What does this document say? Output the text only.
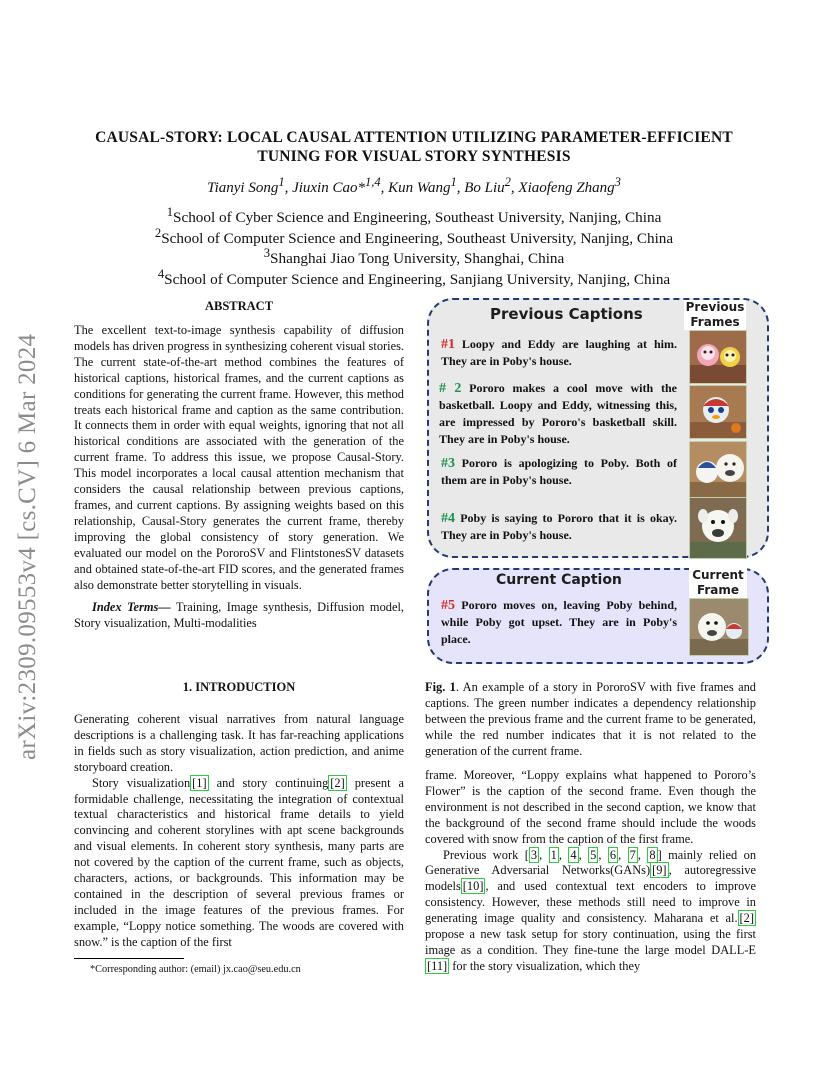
arXiv:2309.09553v4 [cs.CV] 6 Mar 2024
CAUSAL-STORY: LOCAL CAUSAL ATTENTION UTILIZING PARAMETER-EFFICIENT
TUNING FOR VISUAL STORY SYNTHESIS
Tianyi Song$^1$, Jiuxin Cao*$^{1,4}$, Kun Wang$^1$, Bo Liu$^2$, Xiaofeng Zhang$^3$
$^1$School of Cyber Science and Engineering, Southeast University, Nanjing, China
$^2$School of Computer Science and Engineering, Southeast University, Nanjing, China
$^3$Shanghai Jiao Tong University, Shanghai, China
$^4$School of Computer Science and Engineering, Sanjiang University, Nanjing, China
ABSTRACT

The excellent text-to-image synthesis capability of diffusion models has driven progress in synthesizing coherent visual stories. The current state-of-the-art method combines the features of historical captions, historical frames, and the current captions as conditions for generating the current frame. However, this method treats each historical frame and caption as the same contribution. It connects them in order with equal weights, ignoring that not all historical conditions are associated with the generation of the current frame. To address this issue, we propose Causal-Story. This model incorporates a local causal attention mechanism that considers the causal relationship between previous captions, frames, and current captions. By assigning weights based on this relationship, Causal-Story generates the current frame, thereby improving the global consistency of story generation. We evaluated our model on the PororoSV and FlintstonesSV datasets and obtained state-of-the-art FID scores, and the generated frames also demonstrate better storytelling in visuals.

Index Terms— Training, Image synthesis, Diffusion model, Story visualization, Multi-modalities

1. INTRODUCTION

Generating coherent visual narratives from natural language descriptions is a challenging task. It has far-reaching applications in fields such as story visualization, action prediction, and anime storyboard creation.

Story visualization [1] and story continuing [2] present a formidable challenge, necessitating the integration of contextual textual characteristics and historical frame details to yield convincing and coherent storylines with apt scene backgrounds and visual elements. In coherent story synthesis, many parts are not covered by the caption of the current frame, such as objects, characters, actions, or backgrounds. This information may be contained in the description of several previous frames or included in the image features of the previous frames. For example, “Loppy notice something. The woods are covered with snow.” is the caption of the first

*Corresponding author: (email) jx.cao@seu.edu.cn
Previous Captions	Previous Frames
#1 Loopy and Eddy are laughing at him. They are in Poby's house.
# 2 Pororo makes a cool move with the basketball. Loopy and Eddy, witnessing this, are impressed by Pororo's basketball skill. They are in Poby's house.
#3 Pororo is apologizing to Poby. Both of them are in Poby's house.
#4 Poby is saying to Pororo that it is okay. They are in Poby's house.
Current Caption	Current Frame
#5 Pororo moves on, leaving Poby behind, while Poby got upset. They are in Poby's place.
Fig. 1. An example of a story in PororoSV with five frames and captions. The green number indicates a dependency relationship between the previous frame and the current frame to be generated, while the red number indicates that it is not related to the generation of the current frame.

frame. Moreover, “Loppy explains what happened to Pororo’s Flower” is the caption of the second frame. Even though the environment is not described in the second caption, we know that the background of the second frame should include the woods covered with snow from the caption of the first frame.

Previous work [ 3 , 1 , 4 , 5 , 6 , 7 , 8 ] mainly relied on Generative Adversarial Networks(GANs) [9] , autoregressive models [10] , and used contextual text encoders to improve consistency. However, these methods still need to improve in generating image quality and consistency. Maharana et al. [2] propose a new task setup for story continuation, using the first image as a condition. They fine-tune the large model DALL-E [11] for the story visualization, which they
